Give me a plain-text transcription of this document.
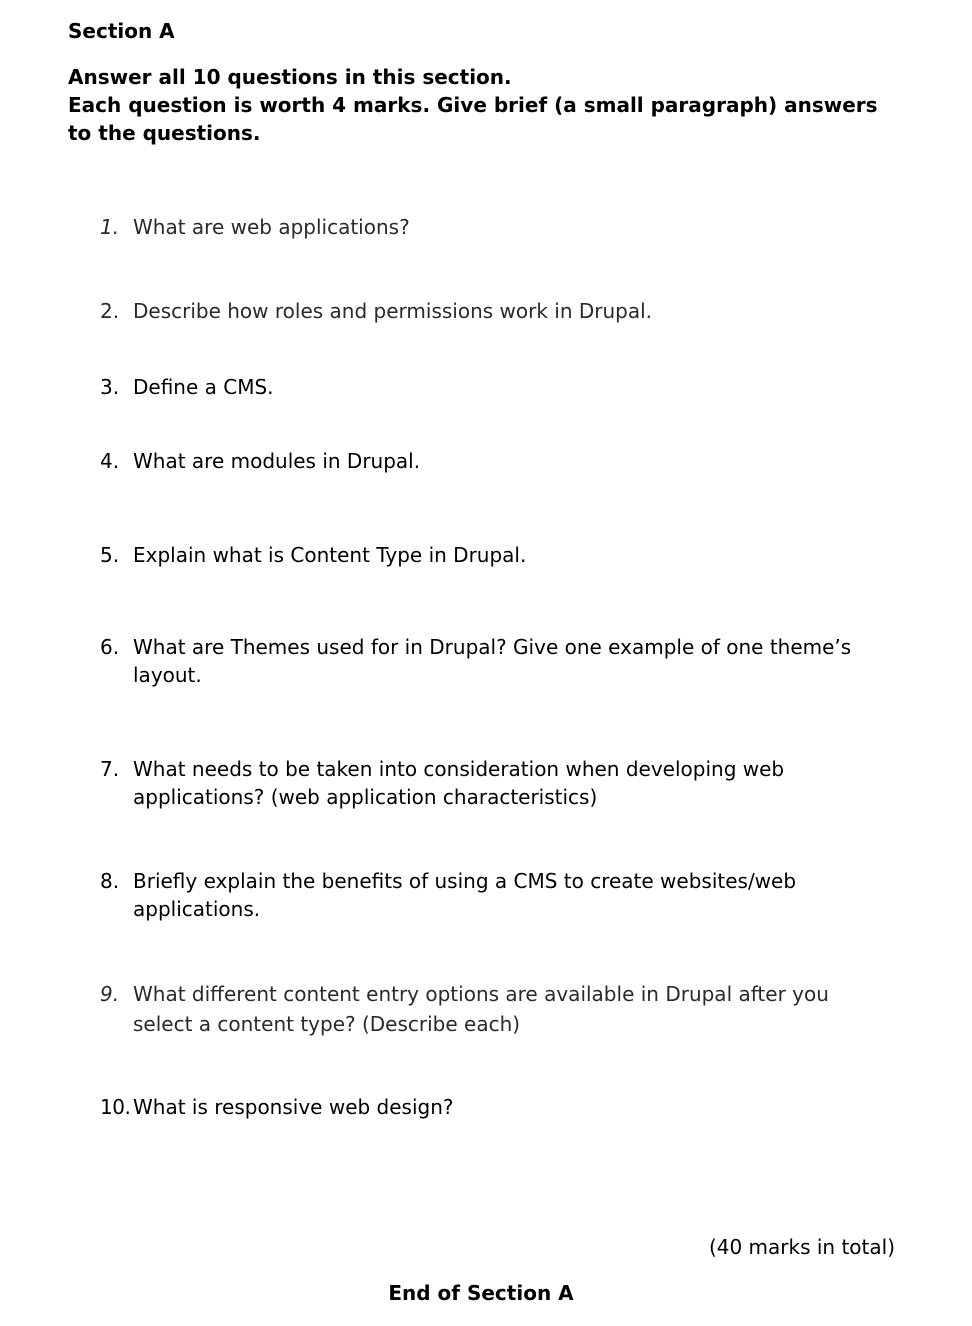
Section A
Answer all 10 questions in this section.
Each question is worth 4 marks. Give brief (a small paragraph) answers to the questions.
1. What are web applications?
2. Describe how roles and permissions work in Drupal.
3. Define a CMS.
4. What are modules in Drupal.
5. Explain what is Content Type in Drupal.
6. What are Themes used for in Drupal? Give one example of one theme’s layout.
7. What needs to be taken into consideration when developing web applications? (web application characteristics)
8. Briefly explain the benefits of using a CMS to create websites/web applications.
9. What different content entry options are available in Drupal after you select a content type? (Describe each)
10. What is responsive web design?
(40 marks in total)
End of Section A
